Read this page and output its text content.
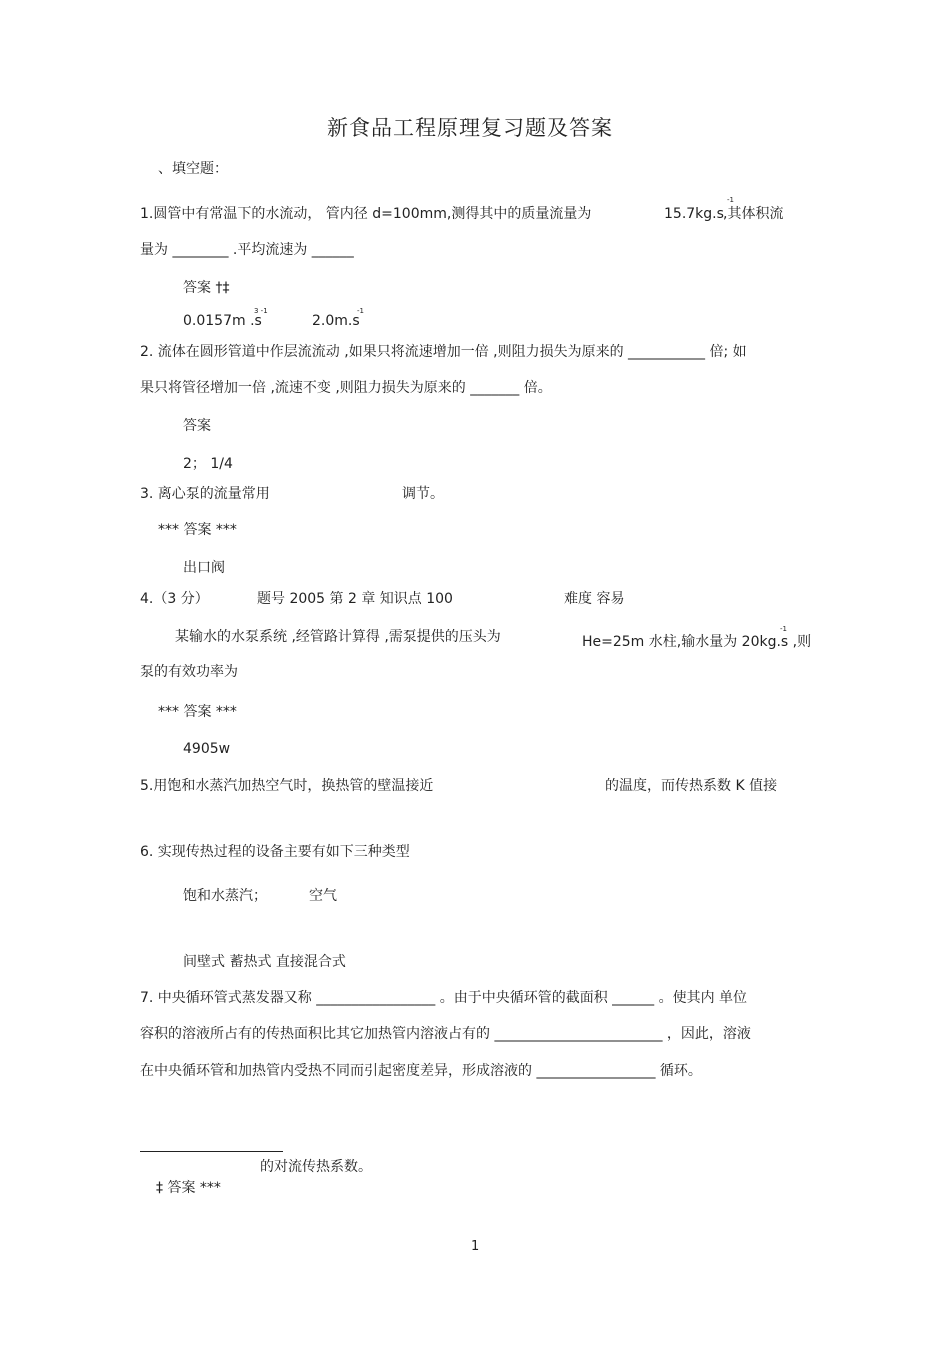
新食品工程原理复习题及答案
、填空题：
1.圆管中有常温下的水流动， 管内径 d=100mm,测得其中的质量流量为	15.7kg.s
-1
,其体积流
量为 ________ .平均流速为 ______
答案 †‡
0.0157m .s
3 -1
2.0m.s
-1
2. 流体在圆形管道中作层流流动 ,如果只将流速增加一倍 ,则阻力损失为原来的 ___________ 倍; 如
果只将管径增加一倍 ,流速不变 ,则阻力损失为原来的 _______ 倍。
答案
2； 1/4
3. 离心泵的流量常用	调节。
*** 答案 ***
出口阀
4.（3 分）	题号 2005 第 2 章 知识点 100	难度 容易
某输水的水泵系统 ,经管路计算得 ,需泵提供的压头为	He=25m 水柱,输水量为 20kg.s ,则
-1
泵的有效功率为
*** 答案 ***
4905w
5.用饱和水蒸汽加热空气时，换热管的壁温接近	的温度，而传热系数 K 值接
6. 实现传热过程的设备主要有如下三种类型
饱和水蒸汽；	空气
间壁式 蓄热式 直接混合式
7. 中央循环管式蒸发器又称 _________________ 。由于中央循环管的截面积 ______ 。使其内 单位
容积的溶液所占有的传热面积比其它加热管内溶液占有的 ________________________ ，因此，溶液
在中央循环管和加热管内受热不同而引起密度差异，形成溶液的 _________________ 循环。
的对流传热系数。
‡ 答案 ***
1
